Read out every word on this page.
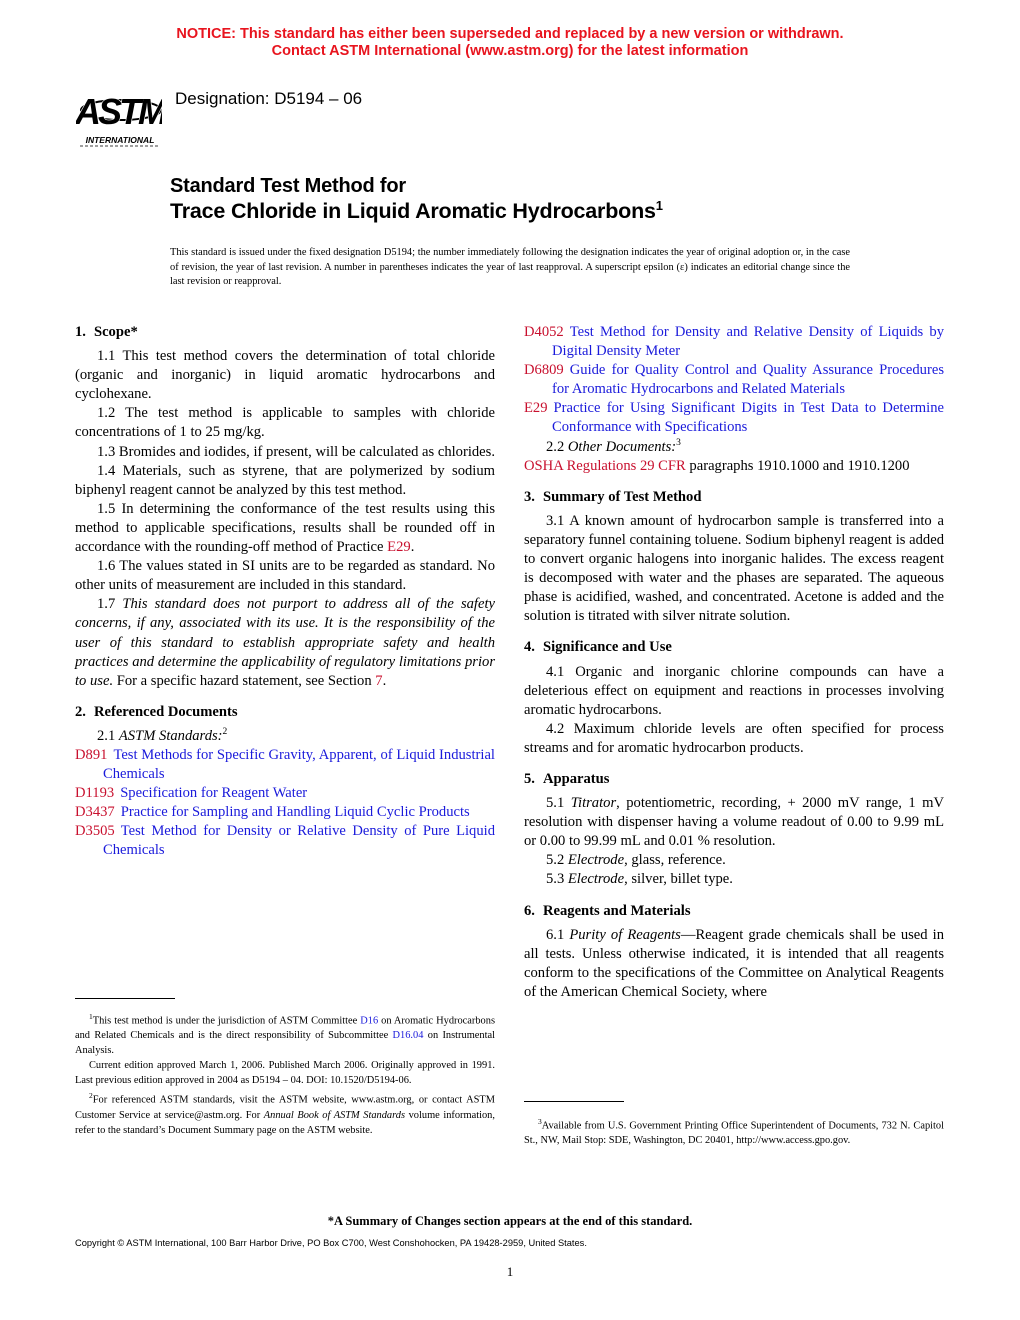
NOTICE: This standard has either been superseded and replaced by a new version or withdrawn.
Contact ASTM International (www.astm.org) for the latest information
ASTM
INTERNATIONAL
Designation: D5194 – 06
Standard Test Method for
Trace Chloride in Liquid Aromatic Hydrocarbons$^1$
This standard is issued under the fixed designation D5194; the number immediately following the designation indicates the year of original adoption or, in the case of revision, the year of last revision. A number in parentheses indicates the year of last reapproval. A superscript epsilon (ε) indicates an editorial change since the last revision or reapproval.
1. Scope*

1.1 This test method covers the determination of total chloride (organic and inorganic) in liquid aromatic hydrocarbons and cyclohexane.

1.2 The test method is applicable to samples with chloride concentrations of 1 to 25 mg/kg.

1.3 Bromides and iodides, if present, will be calculated as chlorides.

1.4 Materials, such as styrene, that are polymerized by sodium biphenyl reagent cannot be analyzed by this test method.

1.5 In determining the conformance of the test results using this method to applicable specifications, results shall be rounded off in accordance with the rounding-off method of Practice E29.

1.6 The values stated in SI units are to be regarded as standard. No other units of measurement are included in this standard.

1.7 This standard does not purport to address all of the safety concerns, if any, associated with its use. It is the responsibility of the user of this standard to establish appropriate safety and health practices and determine the applicability of regulatory limitations prior to use. For a specific hazard statement, see Section 7.

2. Referenced Documents

2.1 ASTM Standards:$^2$

D891 Test Methods for Specific Gravity, Apparent, of Liquid Industrial Chemicals

D1193 Specification for Reagent Water

D3437 Practice for Sampling and Handling Liquid Cyclic Products

D3505 Test Method for Density or Relative Density of Pure Liquid Chemicals

$^1$This test method is under the jurisdiction of ASTM Committee D16 on Aromatic Hydrocarbons and Related Chemicals and is the direct responsibility of Subcommittee D16.04 on Instrumental Analysis.

Current edition approved March 1, 2006. Published March 2006. Originally approved in 1991. Last previous edition approved in 2004 as D5194 – 04. DOI: 10.1520/D5194-06.

$^2$For referenced ASTM standards, visit the ASTM website, www.astm.org, or contact ASTM Customer Service at service@astm.org. For Annual Book of ASTM Standards volume information, refer to the standard’s Document Summary page on the ASTM website.

D4052 Test Method for Density and Relative Density of Liquids by Digital Density Meter

D6809 Guide for Quality Control and Quality Assurance Procedures for Aromatic Hydrocarbons and Related Materials

E29 Practice for Using Significant Digits in Test Data to Determine Conformance with Specifications

2.2 Other Documents:$^3$

OSHA Regulations 29 CFR paragraphs 1910.1000 and 1910.1200

3. Summary of Test Method

3.1 A known amount of hydrocarbon sample is transferred into a separatory funnel containing toluene. Sodium biphenyl reagent is added to convert organic halogens into inorganic halides. The excess reagent is decomposed with water and the phases are separated. The aqueous phase is acidified, washed, and concentrated. Acetone is added and the solution is titrated with silver nitrate solution.

4. Significance and Use

4.1 Organic and inorganic chlorine compounds can have a deleterious effect on equipment and reactions in processes involving aromatic hydrocarbons.

4.2 Maximum chloride levels are often specified for process streams and for aromatic hydrocarbon products.

5. Apparatus

5.1 Titrator, potentiometric, recording, + 2000 mV range, 1 mV resolution with dispenser having a volume readout of 0.00 to 9.99 mL or 0.00 to 99.99 mL and 0.01 % resolution.

5.2 Electrode, glass, reference.

5.3 Electrode, silver, billet type.

6. Reagents and Materials

6.1 Purity of Reagents—Reagent grade chemicals shall be used in all tests. Unless otherwise indicated, it is intended that all reagents conform to the specifications of the Committee on Analytical Reagents of the American Chemical Society, where

$^3$Available from U.S. Government Printing Office Superintendent of Documents, 732 N. Capitol St., NW, Mail Stop: SDE, Washington, DC 20401, http://www.access.gpo.gov.

*A Summary of Changes section appears at the end of this standard.
Copyright © ASTM International, 100 Barr Harbor Drive, PO Box C700, West Conshohocken, PA 19428-2959, United States.
1
